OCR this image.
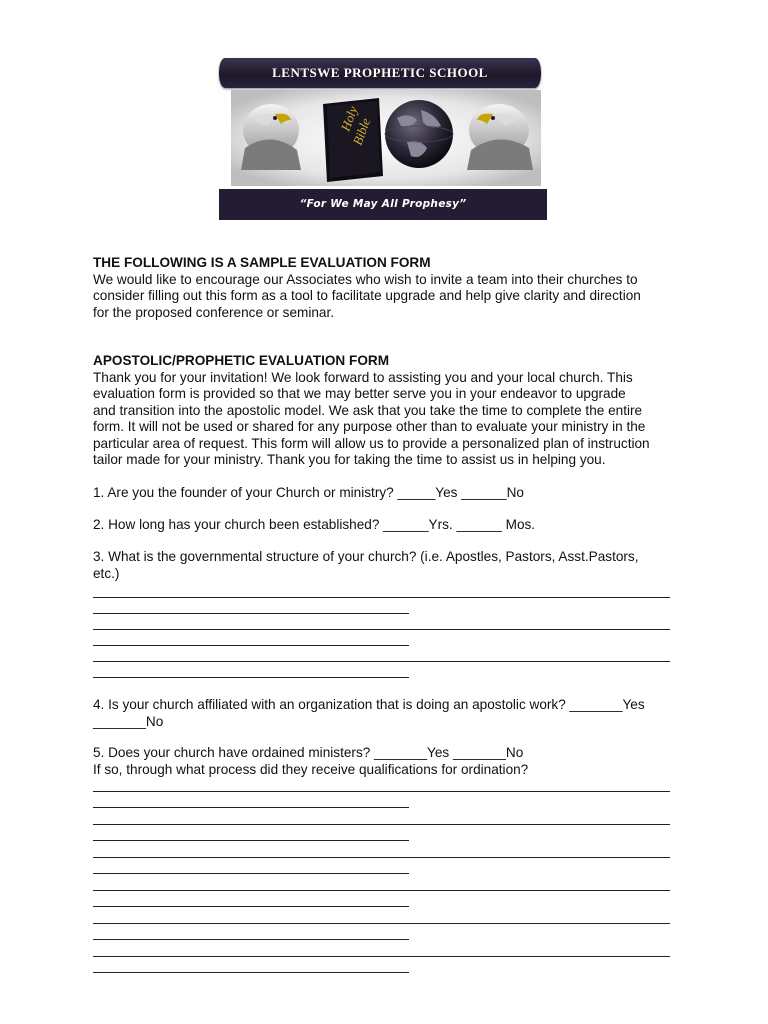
LENTSWE PROPHETIC SCHOOL
Holy
Bible
“For We May All Prophesy”
THE FOLLOWING IS A SAMPLE EVALUATION FORM
We would like to encourage our Associates who wish to invite a team into their churches to
consider filling out this form as a tool to facilitate upgrade and help give clarity and direction
for the proposed conference or seminar.
APOSTOLIC/PROPHETIC EVALUATION FORM
Thank you for your invitation! We look forward to assisting you and your local church. This
evaluation form is provided so that we may better serve you in your endeavor to upgrade
and transition into the apostolic model. We ask that you take the time to complete the entire
form. It will not be used or shared for any purpose other than to evaluate your ministry in the
particular area of request. This form will allow us to provide a personalized plan of instruction
tailor made for your ministry. Thank you for taking the time to assist us in helping you.
1. Are you the founder of your Church or ministry? _____Yes ______No
2. How long has your church been established? ______Yrs. ______ Mos.
3. What is the governmental structure of your church? (i.e. Apostles, Pastors, Asst.Pastors,
etc.)
4. Is your church affiliated with an organization that is doing an apostolic work? _______Yes
_______No
5. Does your church have ordained ministers? _______Yes _______No
If so, through what process did they receive qualifications for ordination?
